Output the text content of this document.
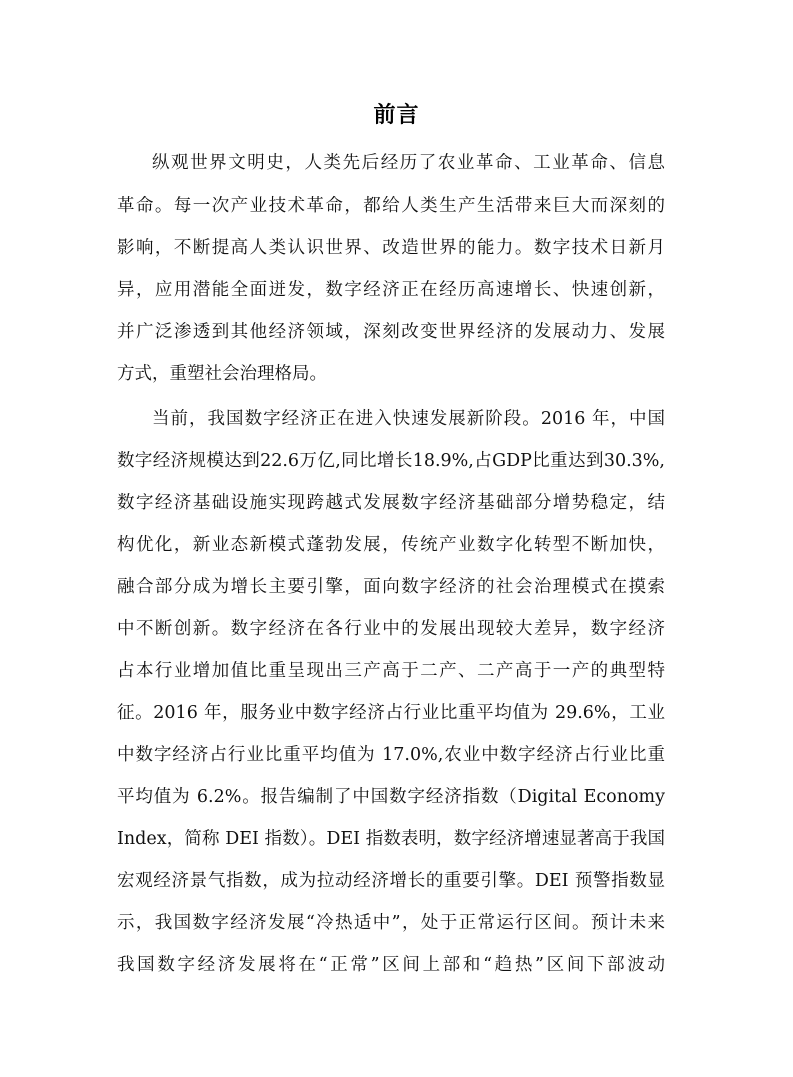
前言
纵观世界文明史，人类先后经历了农业革命、工业革命、信息
革命。每一次产业技术革命，都给人类生产生活带来巨大而深刻的
影响，不断提高人类认识世界、改造世界的能力。数字技术日新月
异，应用潜能全面迸发，数字经济正在经历高速增长、快速创新，
并广泛渗透到其他经济领域，深刻改变世界经济的发展动力、发展
方式，重塑社会治理格局。
当前，我国数字经济正在进入快速发展新阶段。2016 年，中国
数字经济规模达到22.6万亿,同比增长18.9%,占GDP比重达到30.3%,
数字经济基础设施实现跨越式发展数字经济基础部分增势稳定，结
构优化，新业态新模式蓬勃发展，传统产业数字化转型不断加快，
融合部分成为增长主要引擎，面向数字经济的社会治理模式在摸索
中不断创新。数字经济在各行业中的发展出现较大差异，数字经济
占本行业增加值比重呈现出三产高于二产、二产高于一产的典型特
征。2016 年，服务业中数字经济占行业比重平均值为 29.6%，工业
中数字经济占行业比重平均值为 17.0%,农业中数字经济占行业比重
平均值为 6.2%。报告编制了中国数字经济指数（Digital Economy
Index，简称 DEI 指数）。DEI 指数表明，数字经济增速显著高于我国
宏观经济景气指数，成为拉动经济增长的重要引擎。DEI 预警指数显
示，我国数字经济发展“冷热适中”，处于正常运行区间。预计未来
我国数字经济发展将在“正常”区间上部和“趋热”区间下部波动
